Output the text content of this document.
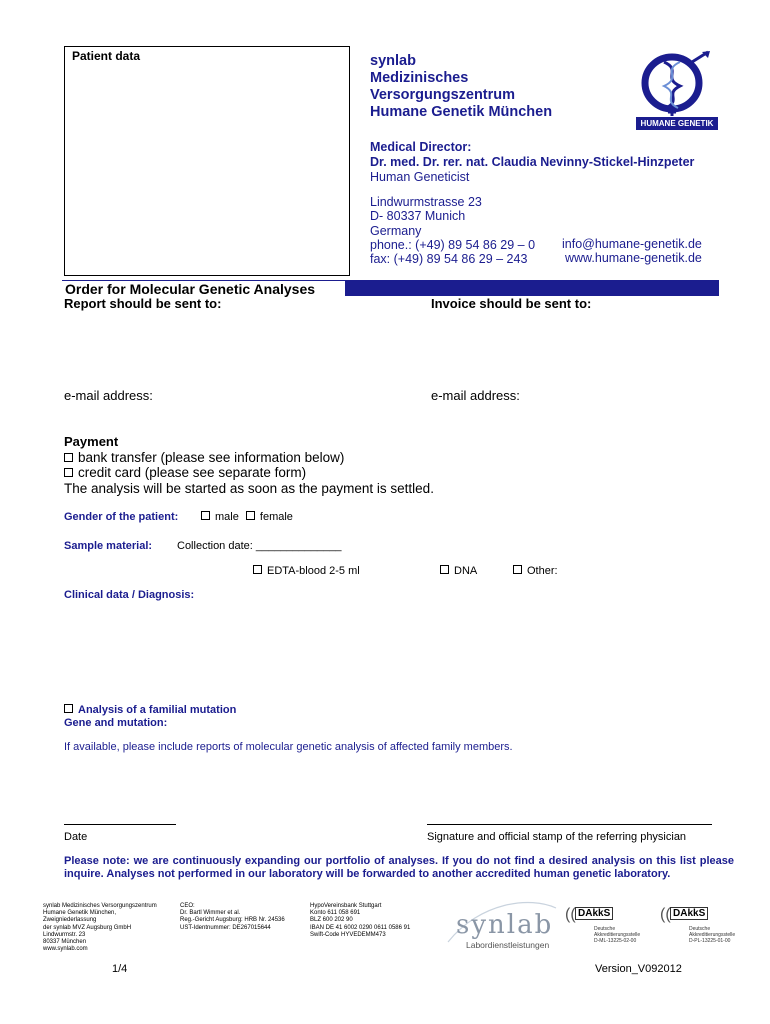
Patient data	synlab
Medizinisches
Versorgungszentrum
Humane Genetik München
HUMANE GENETIK
Medical Director:
Dr. med. Dr. rer. nat. Claudia Nevinny-Stickel-Hinzpeter
Human Geneticist
Lindwurmstrasse 23
D- 80337 Munich
Germany
phone.: (+49) 89 54 86 29 – 0
fax: (+49) 89 54 86 29 – 243
info@humane-genetik.de
www.humane-genetik.de
Order for Molecular Genetic Analyses
Report should be sent to:	Invoice should be sent to:
e-mail address:	e-mail address:
Payment
bank transfer (please see information below)
credit card (please see separate form)
The analysis will be started as soon as the payment is settled.
Gender of the patient:	male female
Sample material: Collection date: ______________
EDTA-blood 2-5 ml	DNA	Other:
Clinical data / Diagnosis:
Analysis of a familial mutation
Gene and mutation:
If available, please include reports of molecular genetic analysis of affected family members.
Date	Signature and official stamp of the referring physician
Please note: we are continuously expanding our portfolio of analyses. If you do not find a desired analysis on this list please inquire. Analyses not performed in our laboratory will be forwarded to another accredited human genetic laboratory.
synlab Medizinisches Versorgungszentrum
Humane Genetik München,
Zweigniederlassung
der synlab MVZ Augsburg GmbH
Lindwurmstr. 23
80337 München
www.synlab.com
CEO:
Dr. Bartl Wimmer et al.
Reg.-Gericht Augsburg: HRB Nr. 24536
UST-Identnummer: DE267015644
HypoVereinsbank Stuttgart
Konto 611 058 691
BLZ 600 202 90
IBAN DE 41 6002 0290 0611 0586 91
Swift-Code HYVEDEMM473	synlab
Labordienstleistungen
(( DAkkS
Deutsche
Akkreditierungsstelle
D-ML-13225-02-00
(( DAkkS
Deutsche
Akkreditierungsstelle
D-PL-13225-01-00
1/4	Version_V092012
